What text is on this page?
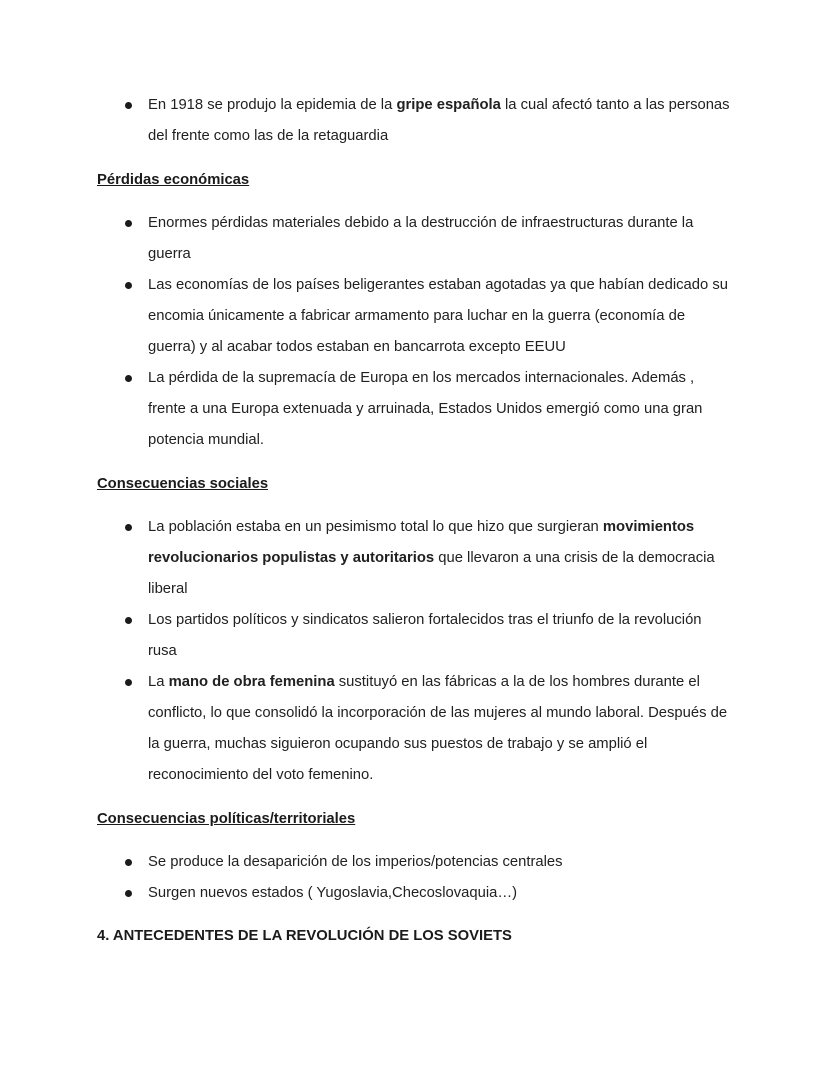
En 1918 se produjo la epidemia de la gripe española la cual afectó tanto a las personas del frente como las de la retaguardia
Pérdidas económicas
Enormes pérdidas materiales debido a la destrucción de infraestructuras durante la guerra
Las economías de los países beligerantes estaban agotadas ya que habían dedicado su encomia únicamente a fabricar armamento para luchar en la guerra (economía de guerra) y al acabar todos estaban en bancarrota excepto EEUU
La pérdida de la supremacía de Europa en los mercados internacionales. Además , frente a una Europa extenuada y arruinada, Estados Unidos emergió como una gran potencia mundial.
Consecuencias sociales
La población estaba en un pesimismo total lo que hizo que surgieran movimientos revolucionarios populistas y autoritarios que llevaron a una crisis de la democracia liberal
Los partidos políticos y sindicatos salieron fortalecidos tras el triunfo de la revolución rusa
La mano de obra femenina sustituyó en las fábricas a la de los hombres durante el conflicto, lo que consolidó la incorporación de las mujeres al mundo laboral. Después de la guerra, muchas siguieron ocupando sus puestos de trabajo y se amplió el reconocimiento del voto femenino.
Consecuencias políticas/territoriales
Se produce la desaparición de los imperios/potencias centrales
Surgen nuevos estados ( Yugoslavia,Checoslovaquia…)
4. ANTECEDENTES DE LA REVOLUCIÓN DE LOS SOVIETS
